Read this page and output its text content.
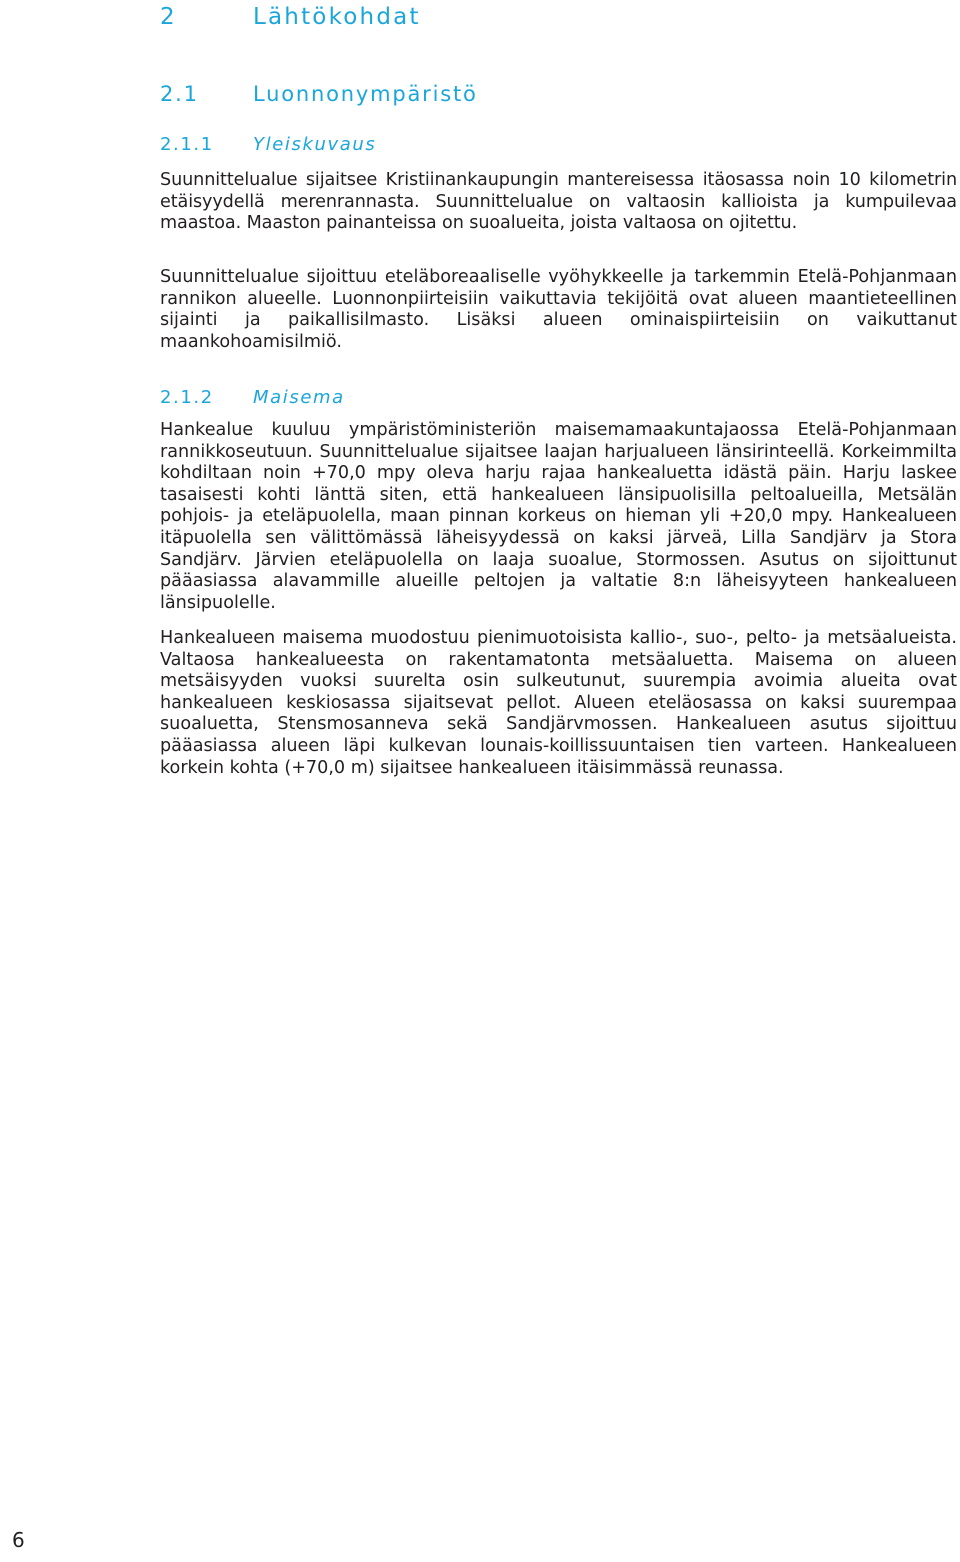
2	Lähtökohdat
2.1	Luonnonympäristö
2.1.1 Yleiskuvaus

Suunnittelualue sijaitsee Kristiinankaupungin mantereisessa itäosassa noin 10 kilometrin etäisyydellä merenrannasta. Suunnittelualue on valtaosin kallioista ja kumpuilevaa maastoa. Maaston painanteissa on suoalueita, joista valtaosa on ojitettu.

Suunnittelualue sijoittuu eteläboreaaliselle vyöhykkeelle ja tarkemmin Etelä-Pohjanmaan rannikon alueelle. Luonnonpiirteisiin vaikuttavia tekijöitä ovat alueen maantieteellinen sijainti ja paikallisilmasto. Lisäksi alueen ominaispiirteisiin on vaikuttanut maankohoamisilmiö.

2.1.2 Maisema

Hankealue kuuluu ympäristöministeriön maisemamaakuntajaossa Etelä-Pohjanmaan rannikkoseutuun. Suunnittelualue sijaitsee laajan harjualueen länsirinteellä. Korkeimmilta kohdiltaan noin +70,0 mpy oleva harju rajaa hankealuetta idästä päin. Harju laskee tasaisesti kohti länttä siten, että hankealueen länsipuolisilla peltoalueilla, Metsälän pohjois- ja eteläpuolella, maan pinnan korkeus on hieman yli +20,0 mpy. Hankealueen itäpuolella sen välittömässä läheisyydessä on kaksi järveä, Lilla Sandjärv ja Stora Sandjärv. Järvien eteläpuolella on laaja suoalue, Stormossen. Asutus on sijoittunut pääasiassa alavammille alueille peltojen ja valtatie 8:n läheisyyteen hankealueen länsipuolelle.

Hankealueen maisema muodostuu pienimuotoisista kallio-, suo-, pelto- ja metsäalueista. Valtaosa hankealueesta on rakentamatonta metsäaluetta. Maisema on alueen metsäisyyden vuoksi suurelta osin sulkeutunut, suurempia avoimia alueita ovat hankealueen keskiosassa sijaitsevat pellot. Alueen eteläosassa on kaksi suurempaa suoaluetta, Stensmosanneva sekä Sandjärvmossen. Hankealueen asutus sijoittuu pääasiassa alueen läpi kulkevan lounais-koillissuuntaisen tien varteen. Hankealueen korkein kohta (+70,0 m) sijaitsee hankealueen itäisimmässä reunassa.

6
